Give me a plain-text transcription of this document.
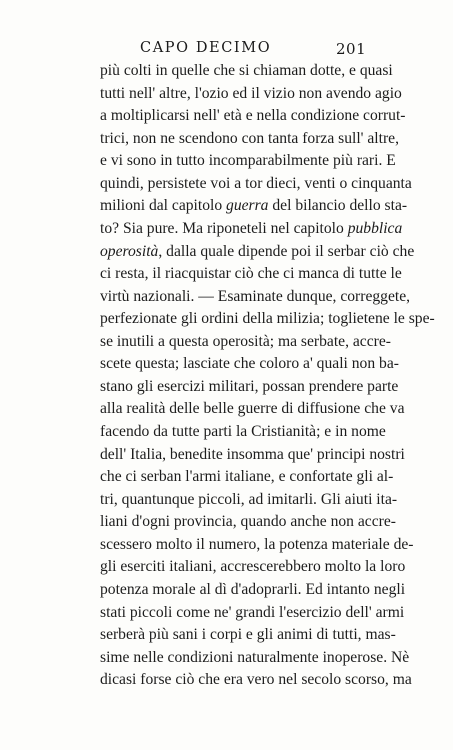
CAPO DECIMO	201
più colti in quelle che si chiaman dotte, e quasi
tutti nell' altre, l'ozio ed il vizio non avendo agio
a moltiplicarsi nell' età e nella condizione corrut-
trici, non ne scendono con tanta forza sull' altre,
e vi sono in tutto incomparabilmente più rari. E
quindi, persistete voi a tor dieci, venti o cinquanta
milioni dal capitolo guerra del bilancio dello sta-
to? Sia pure. Ma riponeteli nel capitolo pubblica
operosità, dalla quale dipende poi il serbar ciò che
ci resta, il riacquistar ciò che ci manca di tutte le
virtù nazionali. — Esaminate dunque, correggete,
perfezionate gli ordini della milizia; toglietene le spe-
se inutili a questa operosità; ma serbate, accre-
scete questa; lasciate che coloro a' quali non ba-
stano gli esercizi militari, possan prendere parte
alla realità delle belle guerre di diffusione che va
facendo da tutte parti la Cristianità; e in nome
dell' Italia, benedite insomma que' principi nostri
che ci serban l'armi italiane, e confortate gli al-
tri, quantunque piccoli, ad imitarli. Gli aiuti ita-
liani d'ogni provincia, quando anche non accre-
scessero molto il numero, la potenza materiale de-
gli eserciti italiani, accrescerebbero molto la loro
potenza morale al dì d'adoprarli. Ed intanto negli
stati piccoli come ne' grandi l'esercizio dell' armi
serberà più sani i corpi e gli animi di tutti, mas-
sime nelle condizioni naturalmente inoperose. Nè
dicasi forse ciò che era vero nel secolo scorso, ma
